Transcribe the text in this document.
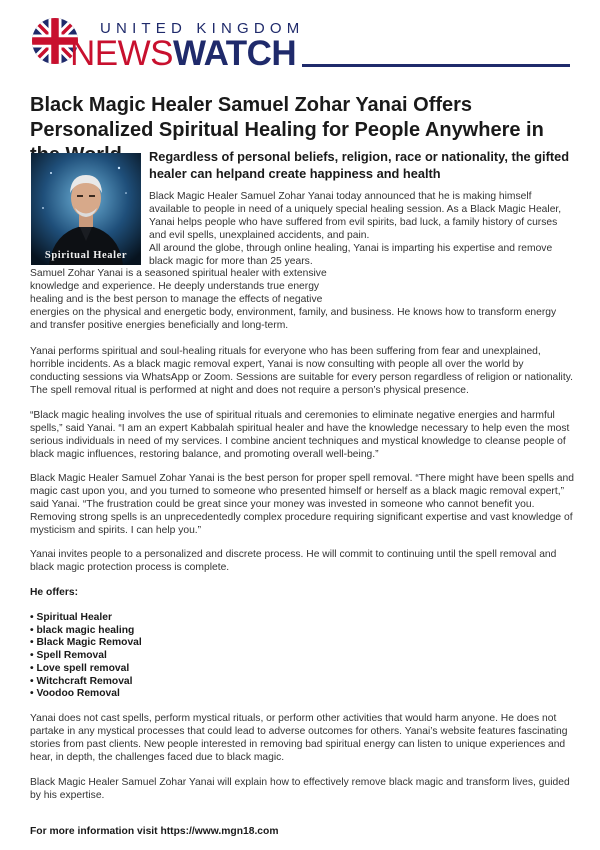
UNITED KINGDOM
NEWSWATCH
Black Magic Healer Samuel Zohar Yanai Offers Personalized Spiritual Healing for People Anywhere in
Spiritual Healer
Regardless of personal beliefs, religion, race or nationality, the gifted healer can helpand create happiness and health

Black Magic Healer Samuel Zohar Yanai today announced that he is making himself available to people in need of a uniquely special healing session. As a Black Magic Healer, Yanai helps people who have suffered from evil spirits, bad luck, a family history of curses and evil spells, unexplained accidents, and pain.

All around the globe, through online healing, Yanai is imparting his expertise and remove black magic for more than 25 years.

Samuel Zohar Yanai is a seasoned spiritual healer with extensive
knowledge and experience. He deeply understands true energy
healing and is the best person to manage the effects of negative

energies on the physical and energetic body, environment, family, and business. He knows how to transform energy and transfer positive energies beneficially and long-term.

Yanai performs spiritual and soul-healing rituals for everyone who has been suffering from fear and unexplained, horrible incidents. As a black magic removal expert, Yanai is now consulting with people all over the world by conducting sessions via WhatsApp or Zoom. Sessions are suitable for every person regardless of religion or nationality. The spell removal ritual is performed at night and does not require a person’s physical presence.

“Black magic healing involves the use of spiritual rituals and ceremonies to eliminate negative energies and harmful spells,” said Yanai. “I am an expert Kabbalah spiritual healer and have the knowledge necessary to help even the most serious individuals in need of my services. I combine ancient techniques and mystical knowledge to cleanse people of black magic influences, restoring balance, and promoting overall well-being.”

Black Magic Healer Samuel Zohar Yanai is the best person for proper spell removal. “There might have been spells and magic cast upon you, and you turned to someone who presented himself or herself as a black magic removal expert,” said Yanai. “The frustration could be great since your money was invested in someone who cannot benefit you. Removing strong spells is an unprecedentedly complex procedure requiring significant expertise and vast knowledge of mysticism and spirits. I can help you.”

Yanai invites people to a personalized and discrete process. He will commit to continuing until the spell removal and black magic protection process is complete.

He offers:
• Spiritual Healer
• black magic healing
• Black Magic Removal
• Spell Removal
• Love spell removal
• Witchcraft Removal
• Voodoo Removal

Yanai does not cast spells, perform mystical rituals, or perform other activities that would harm anyone. He does not partake in any mystical processes that could lead to adverse outcomes for others. Yanai’s website features fascinating stories from past clients. New people interested in removing bad spiritual energy can listen to unique experiences and hear, in depth, the challenges faced due to black magic.

Black Magic Healer Samuel Zohar Yanai will explain how to effectively remove black magic and transform lives, guided by his expertise.

For more information visit https://www.mgn18.com
